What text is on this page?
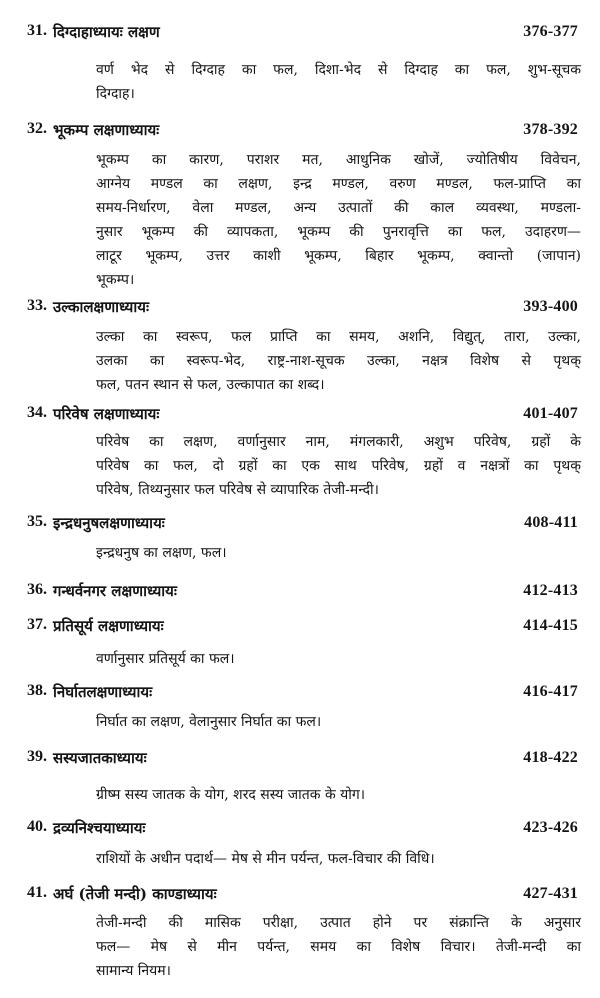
31. दिग्दाहाध्यायः लक्षण	376-377
वर्ण भेद से दिग्दाह का फल, दिशा-भेद से दिग्दाह का फल, शुभ-सूचक
दिग्दाह।
32. भूकम्प लक्षणाध्यायः	378-392
भूकम्प का कारण, पराशर मत, आधुनिक खोजें, ज्योतिषीय विवेचन,
आग्नेय मण्डल का लक्षण, इन्द्र मण्डल, वरुण मण्डल, फल-प्राप्ति का
समय-निर्धारण, वेला मण्डल, अन्य उत्पातों की काल व्यवस्था, मण्डला-
नुसार भूकम्प की व्यापकता, भूकम्प की पुनरावृत्ति का फल, उदाहरण—
लाटूर भूकम्प, उत्तर काशी भूकम्प, बिहार भूकम्प, क्वान्तो (जापान)
भूकम्प।
33. उल्कालक्षणाध्यायः	393-400
उल्का का स्वरूप, फल प्राप्ति का समय, अशनि, विद्युत्, तारा, उल्का,
उलका का स्वरूप-भेद, राष्ट्र-नाश-सूचक उल्का, नक्षत्र विशेष से पृथक्
फल, पतन स्थान से फल, उल्कापात का शब्द।
34. परिवेष लक्षणाध्यायः	401-407
परिवेष का लक्षण, वर्णानुसार नाम, मंगलकारी, अशुभ परिवेष, ग्रहों के
परिवेष का फल, दो ग्रहों का एक साथ परिवेष, ग्रहों व नक्षत्रों का पृथक्
परिवेष, तिथ्यनुसार फल परिवेष से व्यापारिक तेजी-मन्दी।
35. इन्द्रधनुषलक्षणाध्यायः	408-411
इन्द्रधनुष का लक्षण, फल।
36. गन्धर्वनगर लक्षणाध्यायः	412-413
37. प्रतिसूर्य लक्षणाध्यायः	414-415
वर्णानुसार प्रतिसूर्य का फल।
38. निर्घातलक्षणाध्यायः	416-417
निर्घात का लक्षण, वेलानुसार निर्घात का फल।
39. सस्यजातकाध्यायः	418-422
ग्रीष्म सस्य जातक के योग, शरद सस्य जातक के योग।
40. द्रव्यनिश्चयाध्यायः	423-426
राशियों के अधीन पदार्थ— मेष से मीन पर्यन्त, फल-विचार की विधि।
41. अर्घ (तेजी मन्दी) काण्डाध्यायः	427-431
तेजी-मन्दी की मासिक परीक्षा, उत्पात होने पर संक्रान्ति के अनुसार
फल— मेष से मीन पर्यन्त, समय का विशेष विचार। तेजी-मन्दी का
सामान्य नियम।
